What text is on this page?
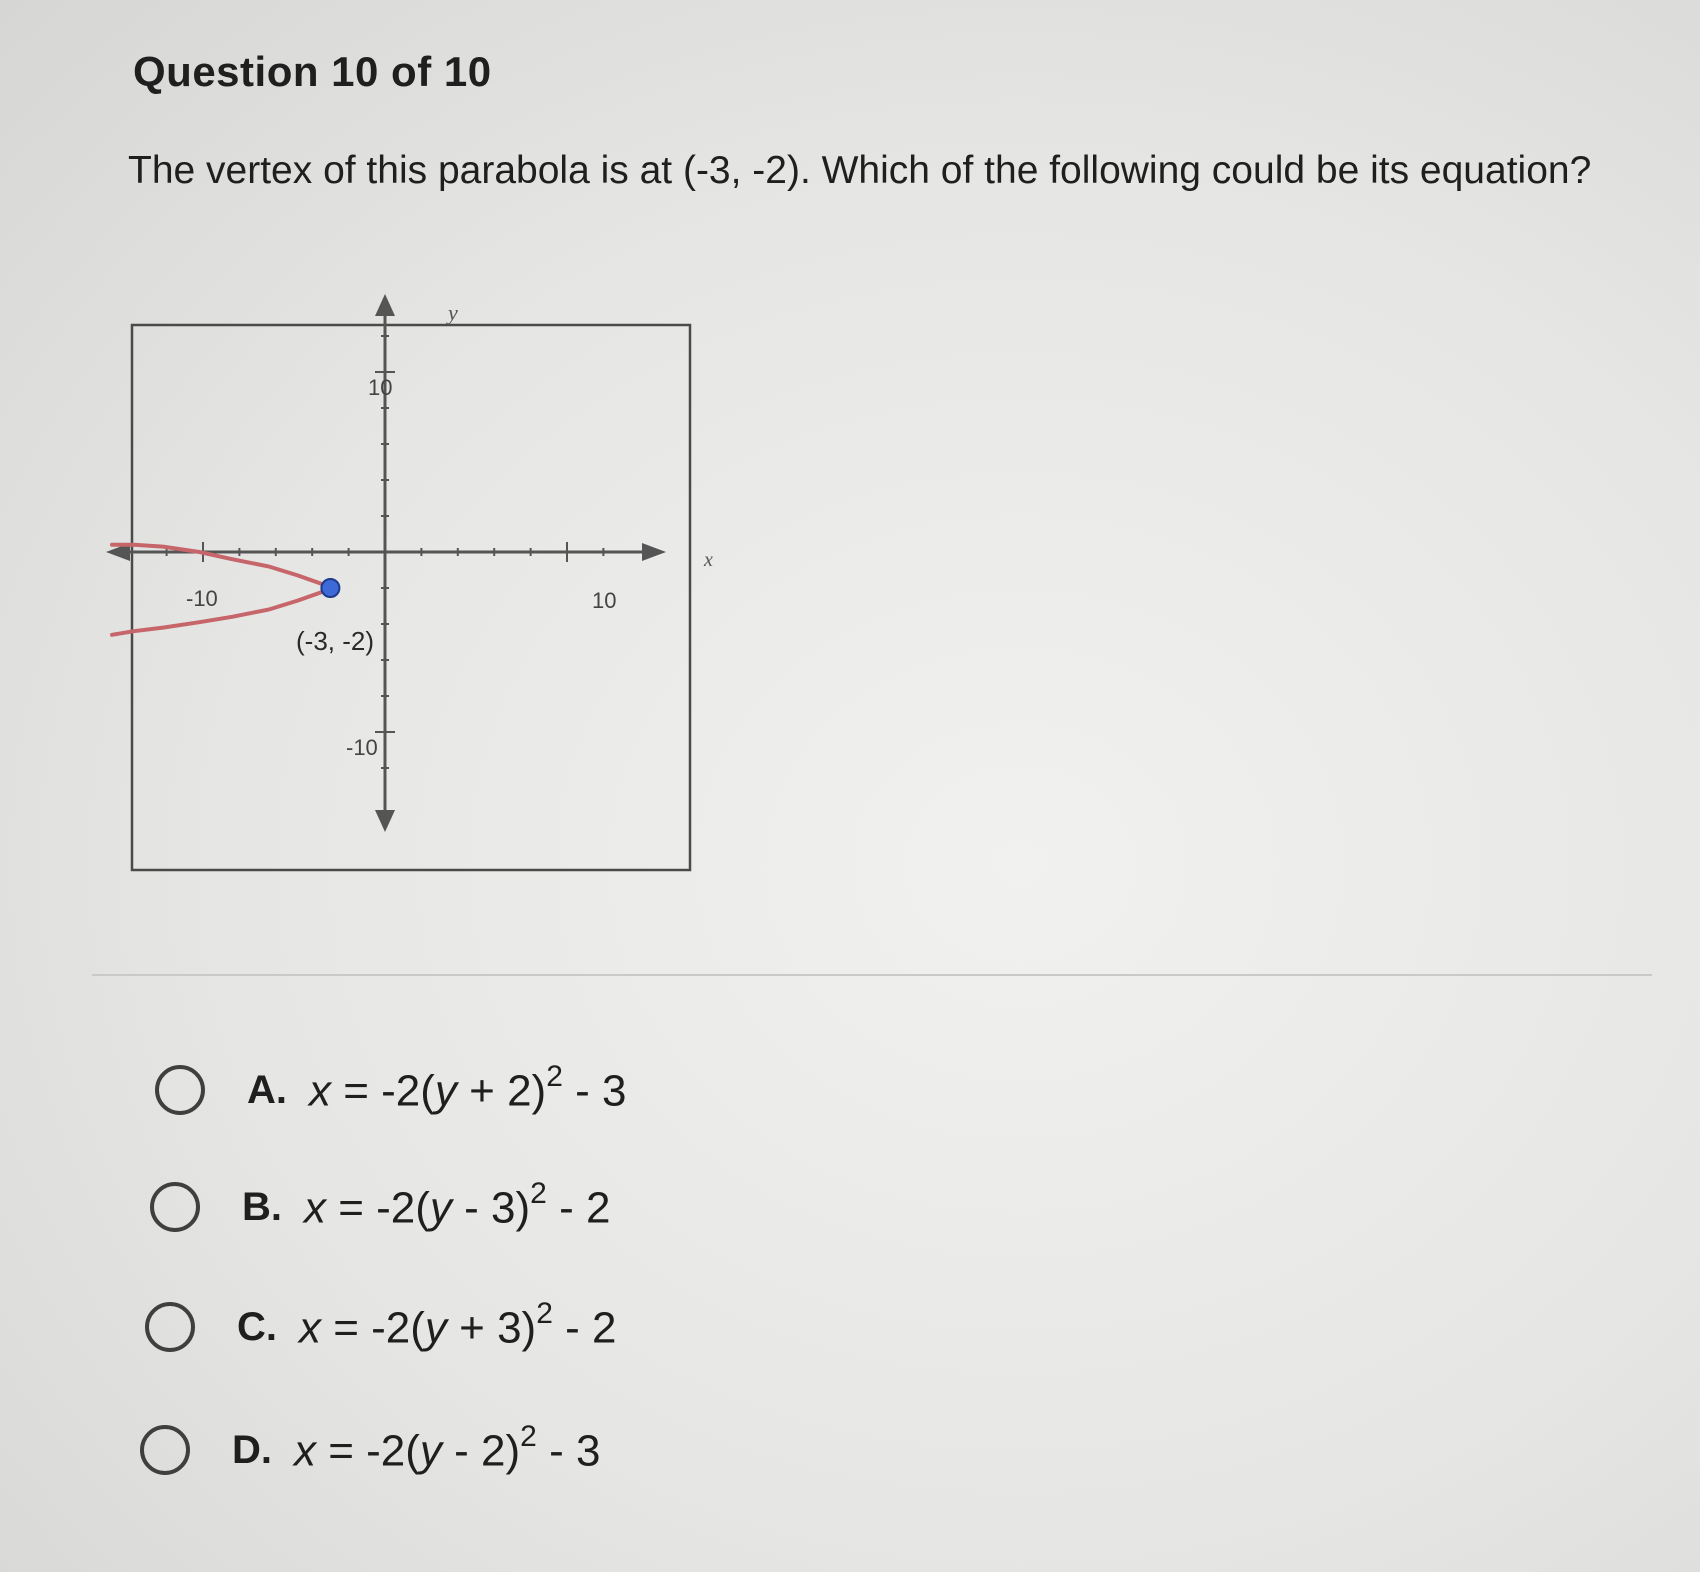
Question 10 of 10
The vertex of this parabola is at (-3, -2). Which of the following could be its equation?
x
y
10
-10
-10	10
(-3, -2)
A. $x = -2(y + 2)^2 - 3$
B. x = -2(y - 3)$^2$ - 2
C. $x = -2(y + 3)^2 - 2$
D. x = -2(y - 2)$^2$ - 3
